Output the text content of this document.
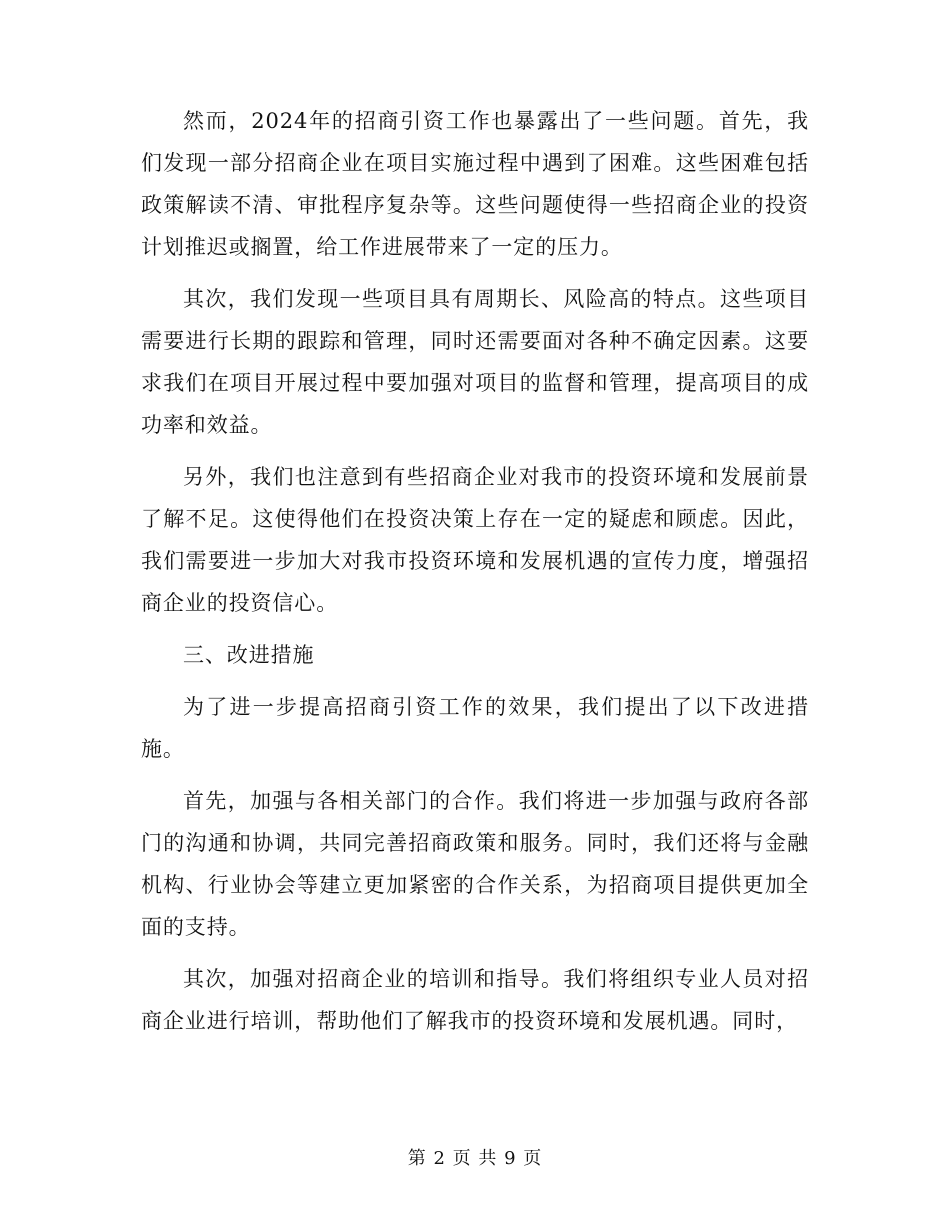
然而，2024年的招商引资工作也暴露出了一些问题。首先，我们发现一部分招商企业在项目实施过程中遇到了困难。这些困难包括政策解读不清、审批程序复杂等。这些问题使得一些招商企业的投资计划推迟或搁置，给工作进展带来了一定的压力。

其次，我们发现一些项目具有周期长、风险高的特点。这些项目需要进行长期的跟踪和管理，同时还需要面对各种不确定因素。这要求我们在项目开展过程中要加强对项目的监督和管理，提高项目的成功率和效益。

另外，我们也注意到有些招商企业对我市的投资环境和发展前景了解不足。这使得他们在投资决策上存在一定的疑虑和顾虑。因此，我们需要进一步加大对我市投资环境和发展机遇的宣传力度，增强招商企业的投资信心。

三、改进措施

为了进一步提高招商引资工作的效果，我们提出了以下改进措施。

首先，加强与各相关部门的合作。我们将进一步加强与政府各部门的沟通和协调，共同完善招商政策和服务。同时，我们还将与金融机构、行业协会等建立更加紧密的合作关系，为招商项目提供更加全面的支持。

其次，加强对招商企业的培训和指导。我们将组织专业人员对招商企业进行培训，帮助他们了解我市的投资环境和发展机遇。同时，

第 2 页 共 9 页
